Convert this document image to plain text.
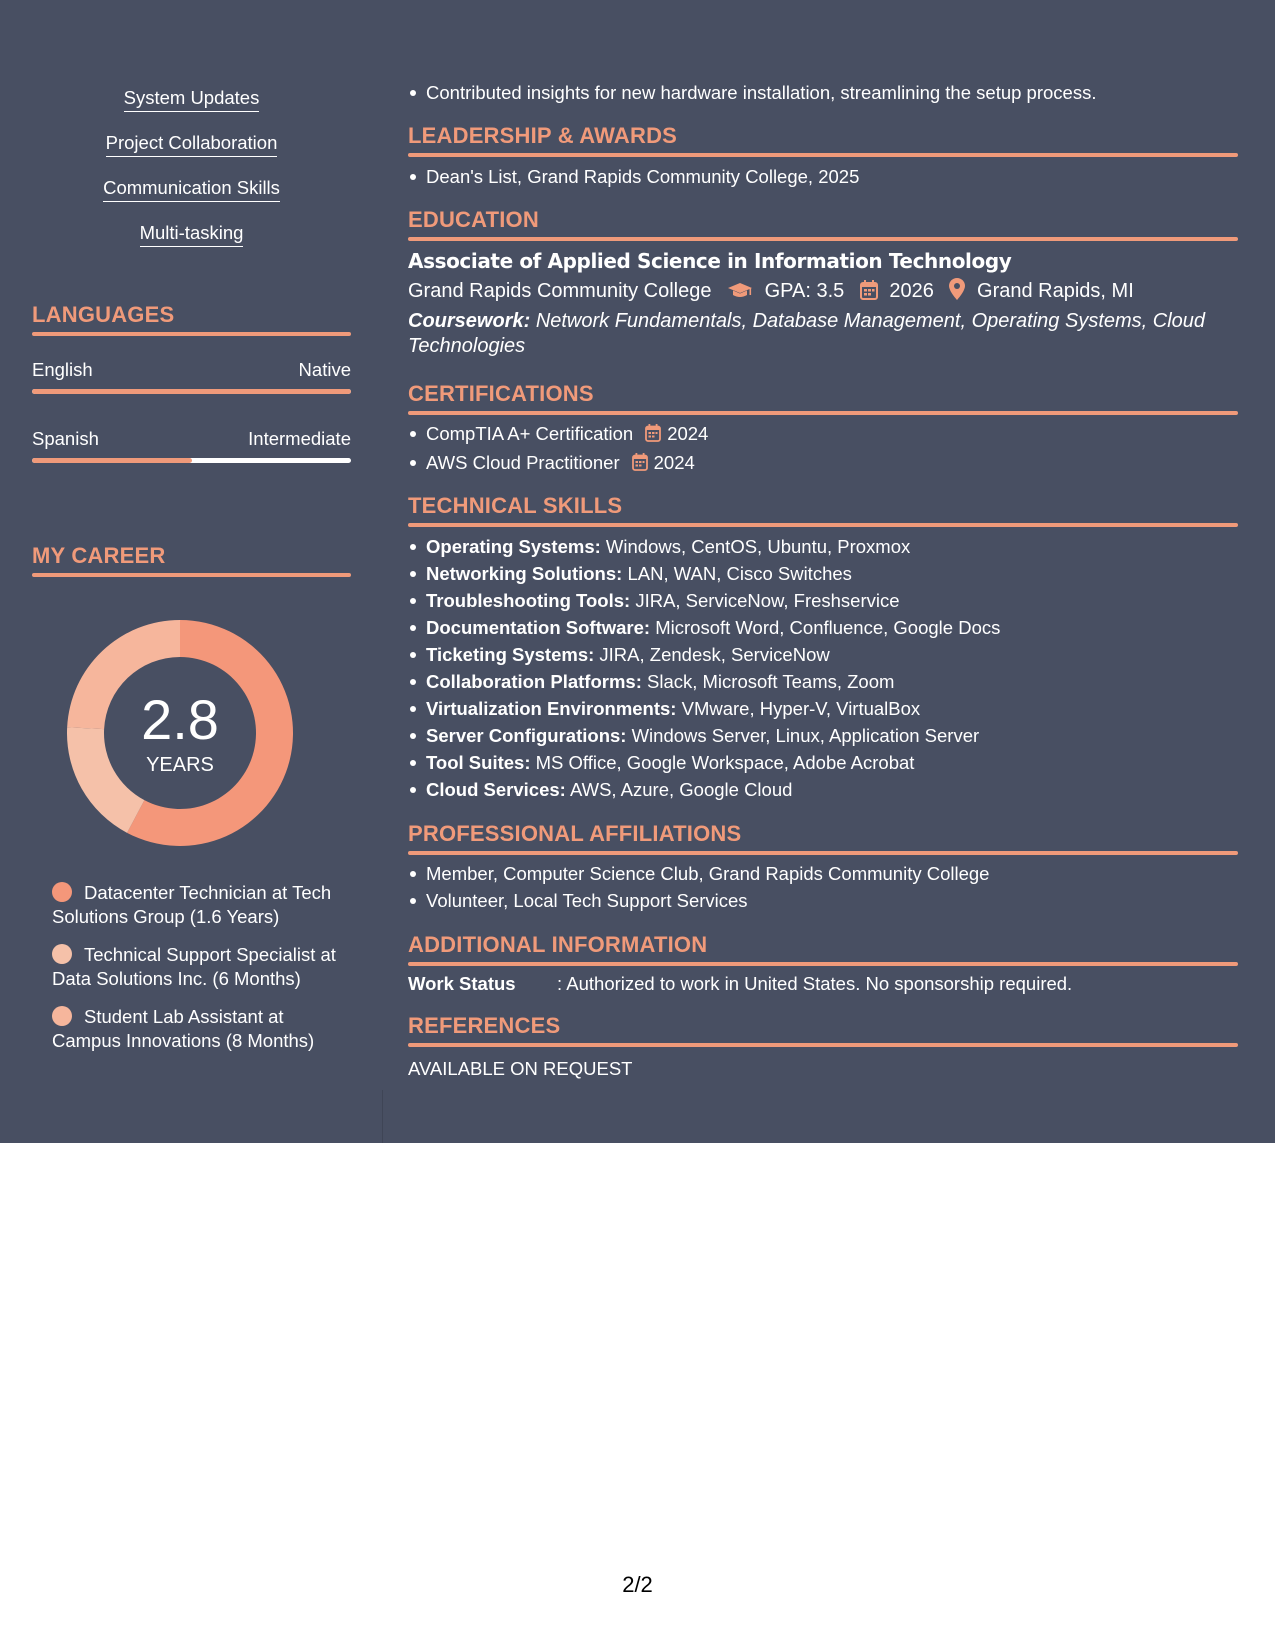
System Updates
Project Collaboration
Communication Skills
Multi-tasking
LANGUAGES
English	Native
Spanish	Intermediate
MY CAREER
2.8
YEARS
Datacenter Technician at Tech Solutions Group (1.6 Years)
Technical Support Specialist at Data Solutions Inc. (6 Months)
Student Lab Assistant at Campus Innovations (8 Months)
Contributed insights for new hardware installation, streamlining the setup process.
LEADERSHIP & AWARDS
Dean's List, Grand Rapids Community College, 2025
EDUCATION
Associate of Applied Science in Information Technology
Grand Rapids Community College	GPA: 3.5 2026 Grand Rapids, MI
Coursework: Network Fundamentals, Database Management, Operating Systems, Cloud Technologies
CERTIFICATIONS
CompTIA A+ Certification 2024
AWS Cloud Practitioner 2024
TECHNICAL SKILLS
Operating Systems: Windows, CentOS, Ubuntu, Proxmox
Networking Solutions: LAN, WAN, Cisco Switches
Troubleshooting Tools: JIRA, ServiceNow, Freshservice
Documentation Software: Microsoft Word, Confluence, Google Docs
Ticketing Systems: JIRA, Zendesk, ServiceNow
Collaboration Platforms: Slack, Microsoft Teams, Zoom
Virtualization Environments: VMware, Hyper-V, VirtualBox
Server Configurations: Windows Server, Linux, Application Server
Tool Suites: MS Office, Google Workspace, Adobe Acrobat
Cloud Services: AWS, Azure, Google Cloud
PROFESSIONAL AFFILIATIONS
Member, Computer Science Club, Grand Rapids Community College
Volunteer, Local Tech Support Services
ADDITIONAL INFORMATION
Work Status : Authorized to work in United States. No sponsorship required.
REFERENCES
AVAILABLE ON REQUEST
2/2
